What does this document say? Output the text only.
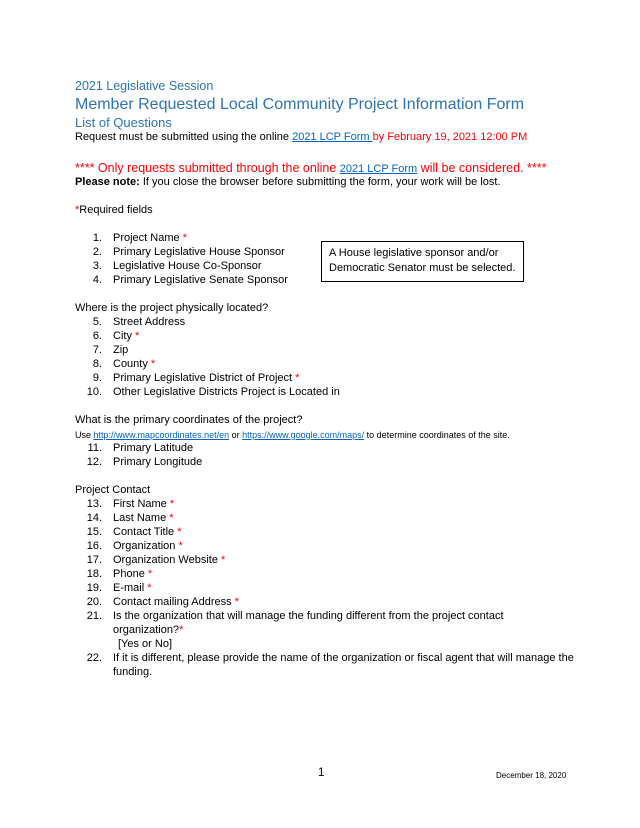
2021 Legislative Session
Member Requested Local Community Project Information Form
List of Questions
Request must be submitted using the online 2021 LCP Form by February 19, 2021 12:00 PM
**** Only requests submitted through the online 2021 LCP Form will be considered. ****
Please note: If you close the browser before submitting the form, your work will be lost.
*Required fields
1. Project Name *
2. Primary Legislative House Sponsor
3. Legislative House Co-Sponsor
4. Primary Legislative Senate Sponsor
A House legislative sponsor and/or Democratic Senator must be selected.
Where is the project physically located?
5. Street Address
6. City *
7. Zip
8. County *
9. Primary Legislative District of Project *
10. Other Legislative Districts Project is Located in
What is the primary coordinates of the project?
Use http://www.mapcoordinates.net/en or https://www.google.com/maps/ to determine coordinates of the site.
11. Primary Latitude
12. Primary Longitude
Project Contact
13. First Name *
14. Last Name *
15. Contact Title *
16. Organization *
17. Organization Website *
18. Phone *
19. E-mail *
20. Contact mailing Address *
21. Is the organization that will manage the funding different from the project contact
organization?*
[Yes or No]
22. If it is different, please provide the name of the organization or fiscal agent that will manage the
funding.
1	December 18, 2020
